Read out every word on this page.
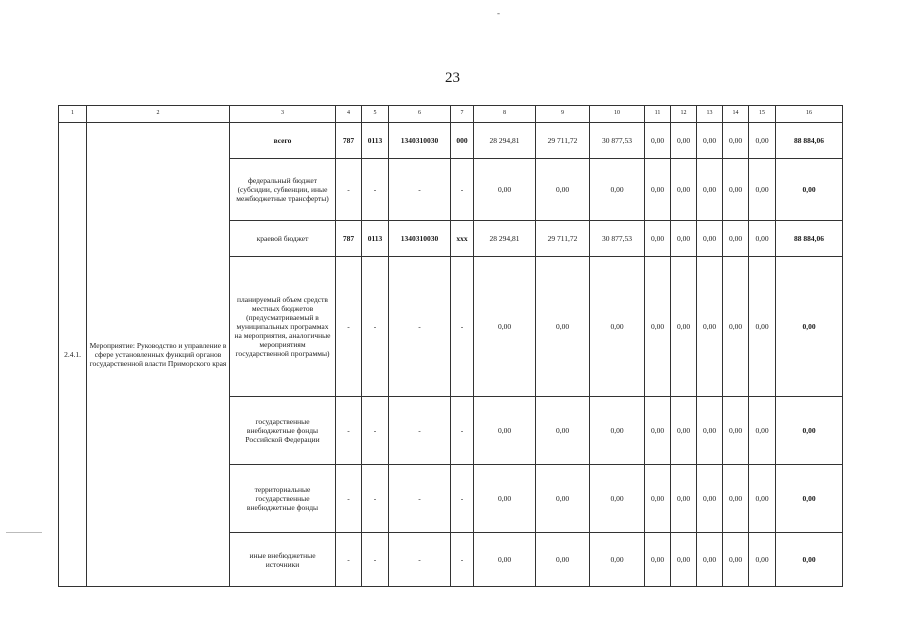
-
23
1	2	3	4	5	6	7	8	9	10	11	12	13	14	15	16
2.4.1.	Мероприятие: Руководство и управление в сфере установленных функций органов государственной власти Приморского края	всего	787	0113	1340310030	000	28 294,81	29 711,72	30 877,53	0,00	0,00	0,00	0,00	0,00	88 884,06
		федеральный бюджет (субсидии, субвенции, иные межбюджетные трансферты)	-	-	-	-	0,00	0,00	0,00	0,00	0,00	0,00	0,00	0,00	0,00
		краевой бюджет	787	0113	1340310030	ххх	28 294,81	29 711,72	30 877,53	0,00	0,00	0,00	0,00	0,00	88 884,06
		планируемый объем средств местных бюджетов (предусматриваемый в муниципальных программах на мероприятия, аналогичные мероприятиям государственной программы)	-	-	-	-	0,00	0,00	0,00	0,00	0,00	0,00	0,00	0,00	0,00
		государственные внебюджетные фонды Российской Федерации	-	-	-	-	0,00	0,00	0,00	0,00	0,00	0,00	0,00	0,00	0,00
		территориальные государственные внебюджетные фонды	-	-	-	-	0,00	0,00	0,00	0,00	0,00	0,00	0,00	0,00	0,00
		иные внебюджетные источники	-	-	-	-	0,00	0,00	0,00	0,00	0,00	0,00	0,00	0,00	0,00
